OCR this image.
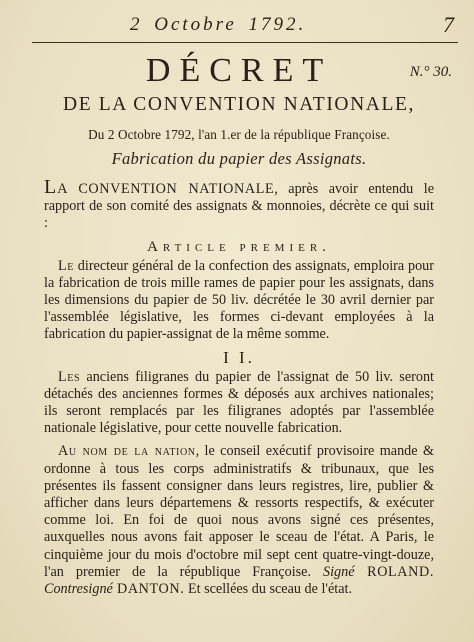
2 Octobre 1792.	7
DÉCRET	N.° 30.
DE LA CONVENTION NATIONALE,
Du 2 Octobre 1792, l'an 1.er de la république Françoise.
Fabrication du papier des Assignats.

LA CONVENTION NATIONALE, après avoir entendu le rapport de son comité des assignats & monnoies, décrète ce qui suit :

Article premier.

Le directeur général de la confection des assignats, emploira pour la fabrication de trois mille rames de papier pour les assignats, dans les dimensions du papier de 50 liv. décrétée le 30 avril dernier par l'assemblée législative, les formes ci-devant employées à la fabrication du papier-assignat de la même somme.

I I.

Les anciens filigranes du papier de l'assignat de 50 liv. seront détachés des anciennes formes & déposés aux archives nationales; ils seront remplacés par les filigranes adoptés par l'assemblée nationale législative, pour cette nouvelle fabrication.

Au nom de la nation, le conseil exécutif provisoire mande & ordonne à tous les corps administratifs & tribunaux, que les présentes ils fassent consigner dans leurs registres, lire, publier & afficher dans leurs départemens & ressorts respectifs, & exécuter comme loi. En foi de quoi nous avons signé ces présentes, auxquelles nous avons fait apposer le sceau de l'état. A Paris, le cinquième jour du mois d'octobre mil sept cent quatre-vingt-douze, l'an premier de la république Françoise. Signé ROLAND. Contresigné DANTON. Et scellées du sceau de l'état.
